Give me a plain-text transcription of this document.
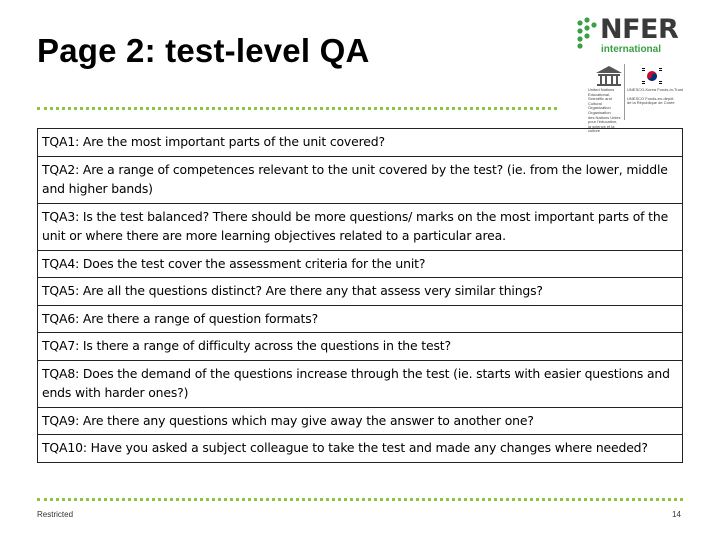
Page 2: test-level QA
NFER
international
United Nations
Educational, Scientific and
Cultural Organization
Organisation
des Nations Unies
pour l'éducation,
la science et la culture
UNESCO-Korea Funds-in-Trust
UNESCO Fonds-en-dépôt
de la République de Corée
TQA1: Are the most important parts of the unit covered?
TQA2: Are a range of competences relevant to the unit covered by the test? (ie. from the lower, middle and higher bands)
TQA3: Is the test balanced? There should be more questions/ marks on the most important parts of the unit or where there are more learning objectives related to a particular area.
TQA4: Does the test cover the assessment criteria for the unit?
TQA5: Are all the questions distinct? Are there any that assess very similar things?
TQA6: Are there a range of question formats?
TQA7: Is there a range of difficulty across the questions in the test?
TQA8: Does the demand of the questions increase through the test (ie. starts with easier questions and ends with harder ones?)
TQA9: Are there any questions which may give away the answer to another one?
TQA10: Have you asked a subject colleague to take the test and made any changes where needed?
Restricted	14
